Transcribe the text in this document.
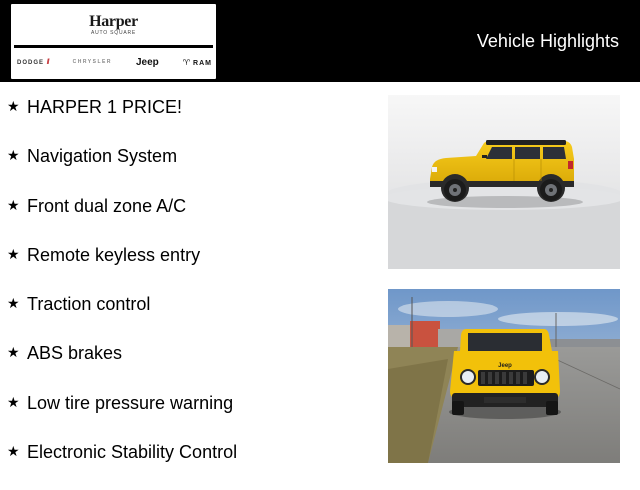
Harper
AUTO SQUARE
DODGE //	CHRYSLER Jeep	♈ RAM
Vehicle Highlights
★ HARPER 1 PRICE!
★ Navigation System
★ Front dual zone A/C
★ Remote keyless entry
★ Traction control
★ ABS brakes
★ Low tire pressure warning
★ Electronic Stability Control
Jeep
